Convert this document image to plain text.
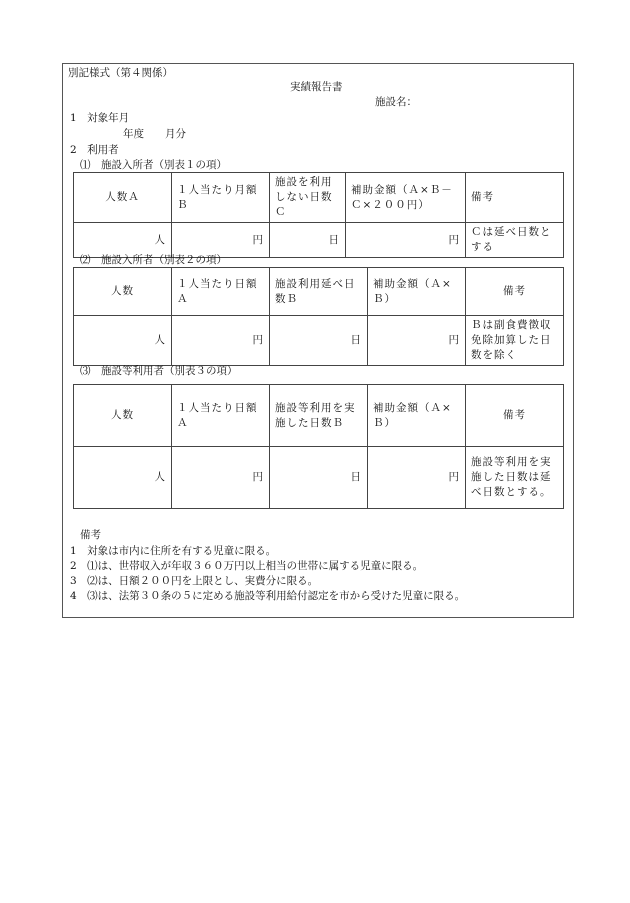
別記様式（第４関係）
実績報告書
施設名：
1　対象年月
年度　　月分
2　利用者
⑴　施設入所者（別表１の項）
人数Ａ	１人当たり月額Ｂ	施設を利用しない日数Ｃ	補助金額（Ａ×Ｂ－Ｃ×２００円）	備考
人	円	日	円	Ｃは延べ日数とする
⑵　施設入所者（別表２の項）
人数	１人当たり日額Ａ	施設利用延べ日数Ｂ	補助金額（Ａ×Ｂ）	備考
人	円	日	円	Ｂは副食費徴収免除加算した日数を除く
⑶　施設等利用者（別表３の項）
人数	１人当たり日額Ａ	施設等利用を実施した日数Ｂ	補助金額（Ａ×Ｂ）	備考
人	円	日	円	施設等利用を実施した日数は延べ日数とする。
備考
1　対象は市内に住所を有する児童に限る。
2　⑴は、世帯収入が年収３６０万円以上相当の世帯に属する児童に限る。
3　⑵は、日額２００円を上限とし、実費分に限る。
4　⑶は、法第３０条の５に定める施設等利用給付認定を市から受けた児童に限る。
